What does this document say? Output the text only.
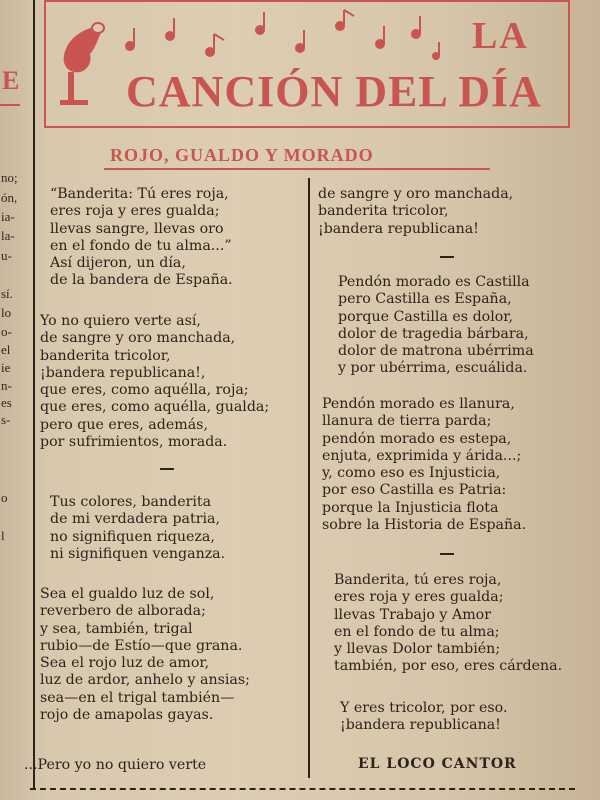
E
no;
ón,
ia-
la-
u-
sí.
lo
o-
el
ie
n-
es
s-
o
l
LA
CANCIÓN DEL DÍA
ROJO, GUALDO Y MORADO
“Banderita: Tú eres roja,
eres roja y eres gualda;
llevas sangre, llevas oro
en el fondo de tu alma...”
Así dijeron, un día,
de la bandera de España.
Yo no quiero verte así,
de sangre y oro manchada,
banderita tricolor,
¡bandera republicana!,
que eres, como aquélla, roja;
que eres, como aquélla, gualda;
pero que eres, además,
por sufrimientos, morada.
Tus colores, banderita
de mi verdadera patria,
no signifiquen riqueza,
ni signifiquen venganza.
Sea el gualdo luz de sol,
reverbero de alborada;
y sea, también, trigal
rubio—de Estío—que grana.
Sea el rojo luz de amor,
luz de ardor, anhelo y ansias;
sea—en el trigal también—
rojo de amapolas gayas.
...Pero yo no quiero verte
de sangre y oro manchada,
banderita tricolor,
¡bandera republicana!
Pendón morado es Castilla
pero Castilla es España,
porque Castilla es dolor,
dolor de tragedia bárbara,
dolor de matrona ubérrima
y por ubérrima, escuálida.
Pendón morado es llanura,
llanura de tierra parda;
pendón morado es estepa,
enjuta, exprimida y árida...;
y, como eso es Injusticia,
por eso Castilla es Patria:
porque la Injusticia flota
sobre la Historia de España.
Banderita, tú eres roja,
eres roja y eres gualda;
llevas Trabajo y Amor
en el fondo de tu alma;
y llevas Dolor también;
también, por eso, eres cárdena.
Y eres tricolor, por eso.
¡bandera republicana!
EL LOCO CANTOR
